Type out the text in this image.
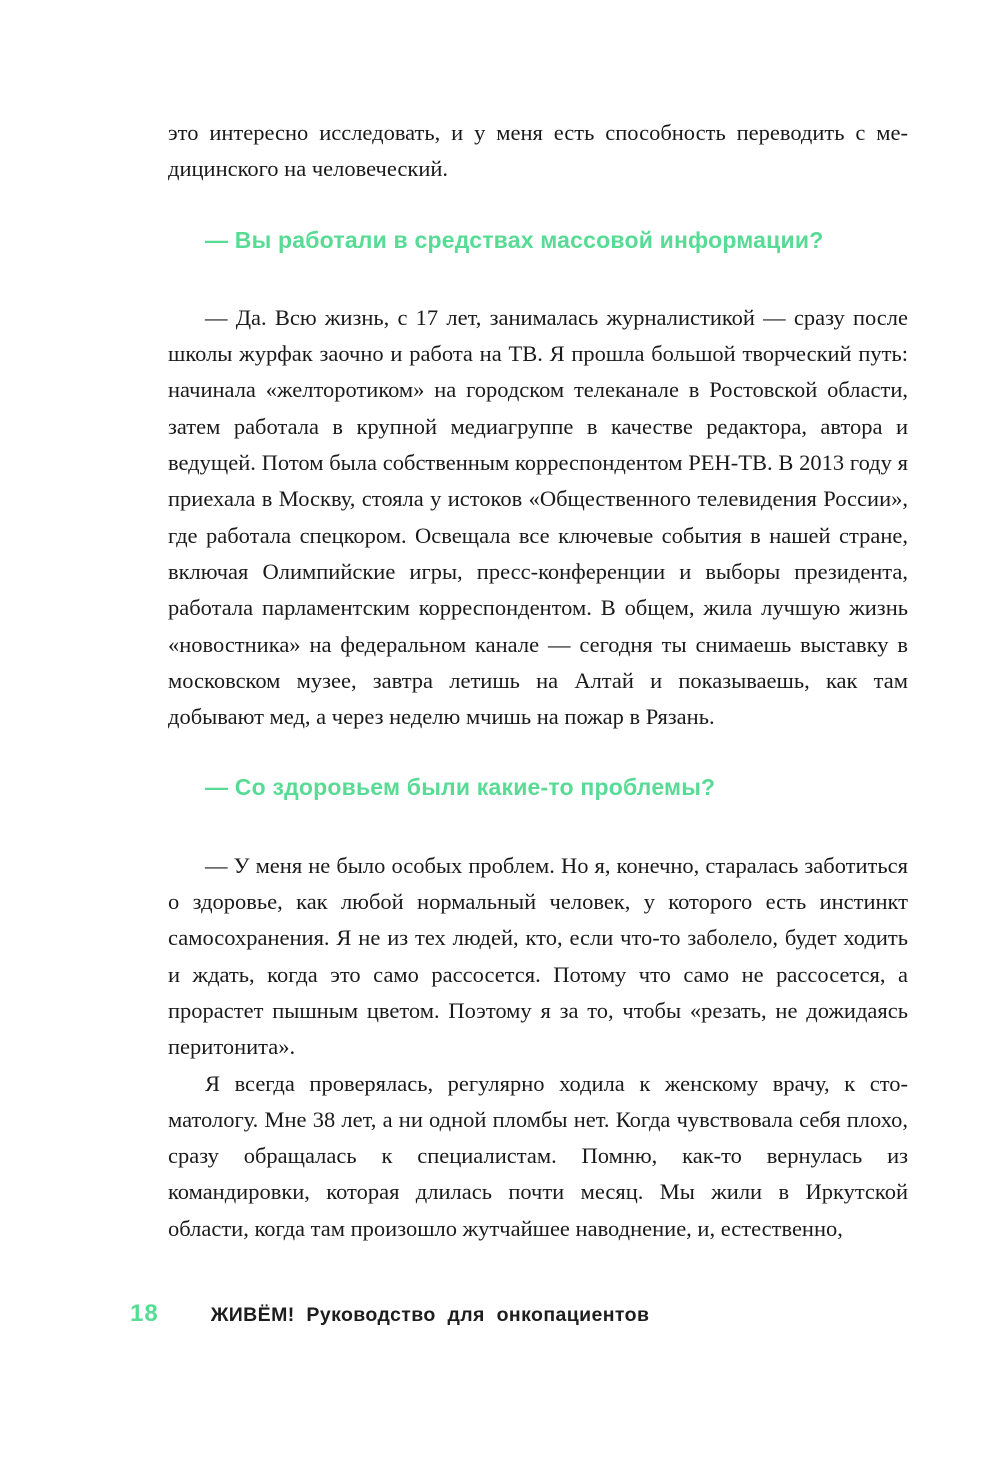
это интересно исследовать, и у меня есть способность переводить с медицинского на человеческий.

— Вы работали в средствах массовой информации?

— Да. Всю жизнь, с 17 лет, занималась журналистикой — сразу после школы журфак заочно и работа на ТВ. Я прошла большой творческий путь: начинала «желторотиком» на городском телеканале в Ростовской области, затем работала в крупной медиагруппе в качестве редактора, автора и ведущей. Потом была собственным корреспондентом РЕН-ТВ. В 2013 году я приехала в Москву, стояла у истоков «Общественного телевидения России», где работала спецкором. Освещала все ключевые события в нашей стране, включая Олимпийские игры, пресс-конференции и выборы президента, работала парламентским корреспондентом. В общем, жила лучшую жизнь «новостника» на федеральном канале — сегодня ты снимаешь выставку в московском музее, завтра летишь на Алтай и показываешь, как там добывают мед, а через неделю мчишь на пожар в Рязань.

— Со здоровьем были какие-то проблемы?

— У меня не было особых проблем. Но я, конечно, старалась заботиться о здоровье, как любой нормальный человек, у которого есть инстинкт самосохранения. Я не из тех людей, кто, если что-то заболело, будет ходить и ждать, когда это само рассосется. Потому что само не рассосется, а прорастет пышным цветом. Поэтому я за то, чтобы «резать, не дожидаясь перитонита».

Я всегда проверялась, регулярно ходила к женскому врачу, к стоматологу. Мне 38 лет, а ни одной пломбы нет. Когда чувствовала себя плохо, сразу обращалась к специалистам. Помню, как-то вернулась из командировки, которая длилась почти месяц. Мы жили в Иркутской области, когда там произошло жутчайшее наводнение, и, естественно,

18	ЖИВЁМ! Руководство для онкопациентов
